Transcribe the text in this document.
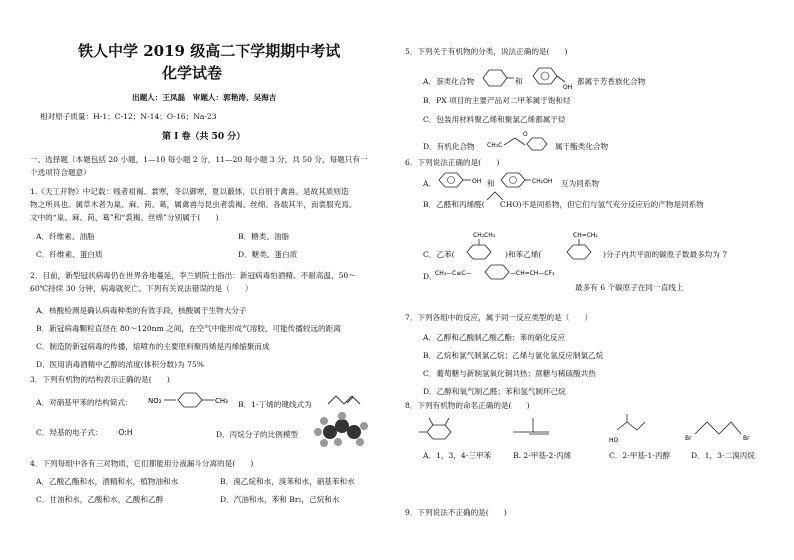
铁人中学 2019 级高二下学期期中考试
化学试卷
出题人：王凤磊　审题人：郭艳涛、吴海吉
相对原子质量：H-1；C-12；N-14；O-16；Na-23
第 I 卷（共 50 分）
一、选择题（本题包括 20 小题，1—10 每小题 2 分，11—20 每小题 3 分，共 50 分，每题只有一
个选项符合题意）
1.《天工开物》中记载：贱者祖褐、裳寒，冬以御寒，夏以蔽体，以自别于禽兽。是故其质则造
物之所具也。属草木者为臬、麻、苘、葛，属禽兽与昆虫者裘褐、丝绵。各载其半，而裳服充焉。
文中的“臬、麻、苘、葛”和“裘褐、丝绵”分别属于(　　)
A．纤维素、油脂	B．糖类、油脂
C．纤维素、蛋白质	D．糖类、蛋白质
2．目前，新型冠状病毒仍在世界各地蔓延，李兰娟院士指出：新冠病毒怕酒精、不耐高温，50～
60℃持续 30 分钟，病毒就死亡。下列有关说法错误的是（　　）
A．核酸检测是确认病毒种类的有效手段，核酸属于生物大分子
B．新冠病毒颗粒直径在 80～120nm 之间，在空气中能形成气溶胶，可能传播较远的距离
C．制造防新冠病毒的传播，熔喷布的主要原料聚丙烯是丙烯缩聚而成
D．医用消毒酒精中乙醇的浓度(体积分数)为 75%
3．下列有机物的结构表示正确的是(　　)
A．对硝基甲苯的结构简式： NO₂	CH₃ B．1-丁烯的键线式为
C．羟基的电子式： ·O:H	D．丙烷分子的比例模型
4．下列每组中各有三对物质，它们都能用分液漏斗分离的是(　　)
A．乙酸乙酯和水，酒精和水，植物油和水	B．溴乙烷和水，溴苯和水，硝基苯和水
C．甘油和水，乙酸和水，乙酸和乙醇	D．汽油和水，苯和 Br₂，己烷和水
5．下列关于有机物的分类，说法正确的是(　　)
A．萘类化合物	和
OH
都属于芳香族化合物
B．PX 项目的主要产品对二甲苯属于饱和烃
C．包装用材料聚乙烯和聚氯乙烯都属于烃
D．有机化合物 CH₃C
O
属于酯类化合物
6．下列说法正确的是(　　)
A．	OH 和	CH₂OH 互为同系物
B．乙醛和丙烯醛(　　CHO)不是同系物，但它们与氢气充分反应后的产物是同系物
C．乙苯(
CH₂CH₃
)和苯乙烯(
CH=CH₂
)分子内共平面的碳原子数最多均为 7
D．
CH₃—C≡C—	—CH=CH—CF₃
最多有 6 个碳原子在同一直线上
7．下列各组中的反应，属于同一反应类型的是（　　）
A．乙醇和乙酸制乙酸乙酯；苯的硝化反应
B．乙烷和氯气制氯乙烷；乙烯与氯化氢反应制氯乙烷
C．葡萄糖与新制氢氧化铜共热；蔗糖与稀硫酸共热
D．乙醇和氧气制乙醛；苯和氢气制环己烷
8．下列有机物的命名正确的是(　　)
HO	Br	Br
A．1，3，4-三甲苯	B. 2-甲基-2-丙烯	C．2-甲基-1-丙醇	D．1，3-二溴丙烷
9．下列说法不正确的是(　　)
